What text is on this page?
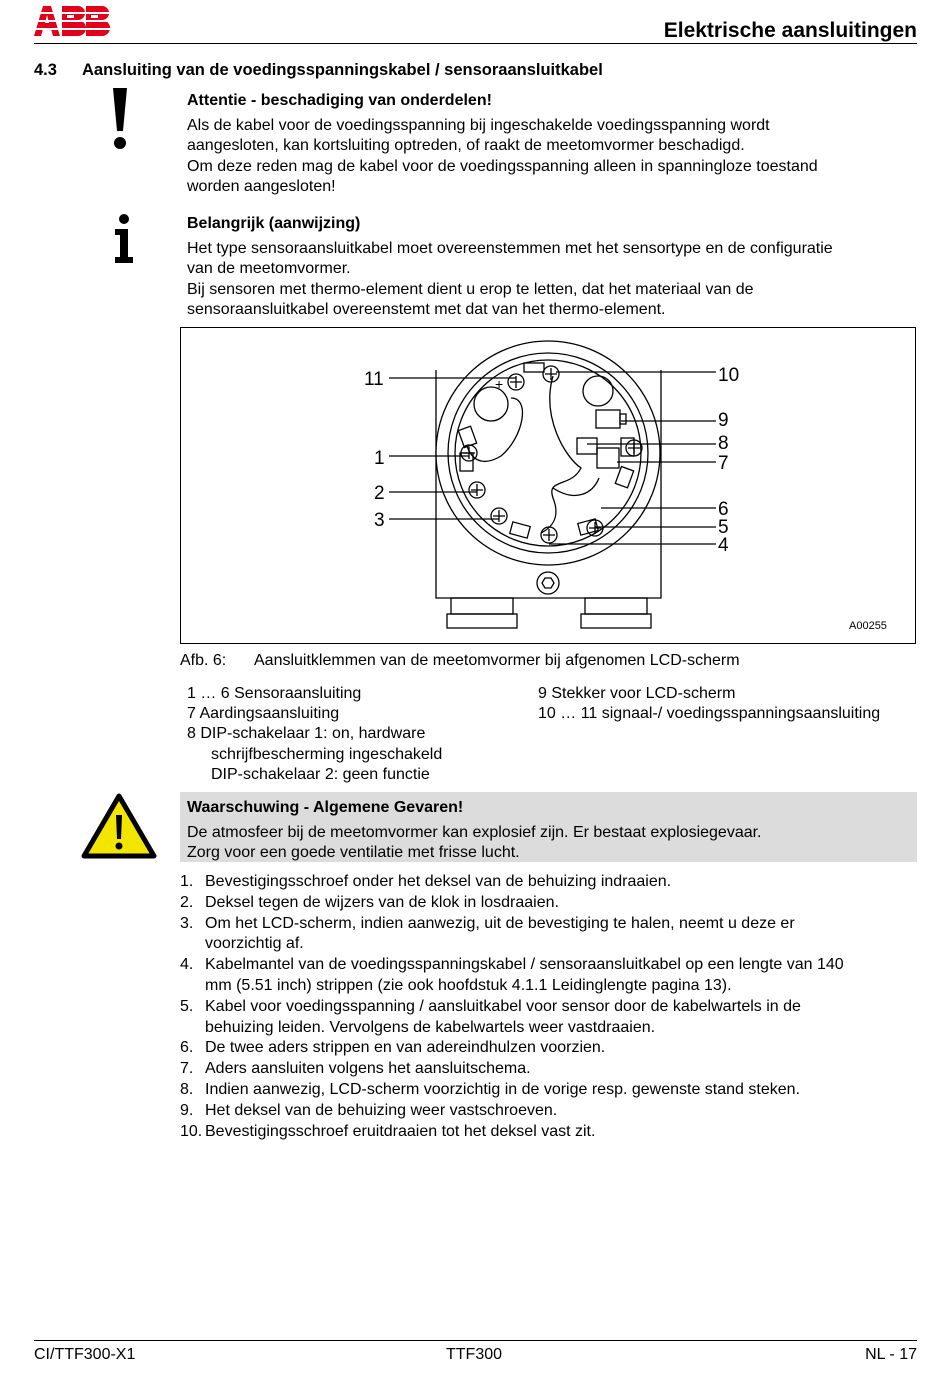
Elektrische aansluitingen
4.3 Aansluiting van de voedingsspanningskabel / sensoraansluitkabel
Attentie - beschadiging van onderdelen!
Als de kabel voor de voedingsspanning bij ingeschakelde voedingsspanning wordt
aangesloten, kan kortsluiting optreden, of raakt de meetomvormer beschadigd.
Om deze reden mag de kabel voor de voedingsspanning alleen in spanningloze toestand
worden aangesloten!
Belangrijk (aanwijzing)
Het type sensoraansluitkabel moet overeenstemmen met het sensortype en de configuratie
van de meetomvormer.
Bij sensoren met thermo-element dient u erop te letten, dat het materiaal van de
sensoraansluitkabel overeenstemt met dat van het thermo-element.
11
1
2
3
10
9
8
7
6
5
4
+
A00255
Afb. 6: Aansluitklemmen van de meetomvormer bij afgenomen LCD-scherm
1 … 6 Sensoraansluiting
7 Aardingsaansluiting
8 DIP-schakelaar 1: on, hardware
schrijfbescherming ingeschakeld
DIP-schakelaar 2: geen functie
9 Stekker voor LCD-scherm
10 … 11 signaal-/ voedingsspanningsaansluiting
Waarschuwing - Algemene Gevaren!
De atmosfeer bij de meetomvormer kan explosief zijn. Er bestaat explosiegevaar.
Zorg voor een goede ventilatie met frisse lucht.
1. Bevestigingsschroef onder het deksel van de behuizing indraaien.
2. Deksel tegen de wijzers van de klok in losdraaien.
3. Om het LCD-scherm, indien aanwezig, uit de bevestiging te halen, neemt u deze er
voorzichtig af.
4. Kabelmantel van de voedingsspanningskabel / sensoraansluitkabel op een lengte van 140
mm (5.51 inch) strippen (zie ook hoofdstuk 4.1.1 Leidinglengte pagina 13).
5. Kabel voor voedingsspanning / aansluitkabel voor sensor door de kabelwartels in de
behuizing leiden. Vervolgens de kabelwartels weer vastdraaien.
6. De twee aders strippen en van adereindhulzen voorzien.
7. Aders aansluiten volgens het aansluitschema.
8. Indien aanwezig, LCD-scherm voorzichtig in de vorige resp. gewenste stand steken.
9. Het deksel van de behuizing weer vastschroeven.
10. Bevestigingsschroef eruitdraaien tot het deksel vast zit.
CI/TTF300-X1	TTF300	NL - 17
